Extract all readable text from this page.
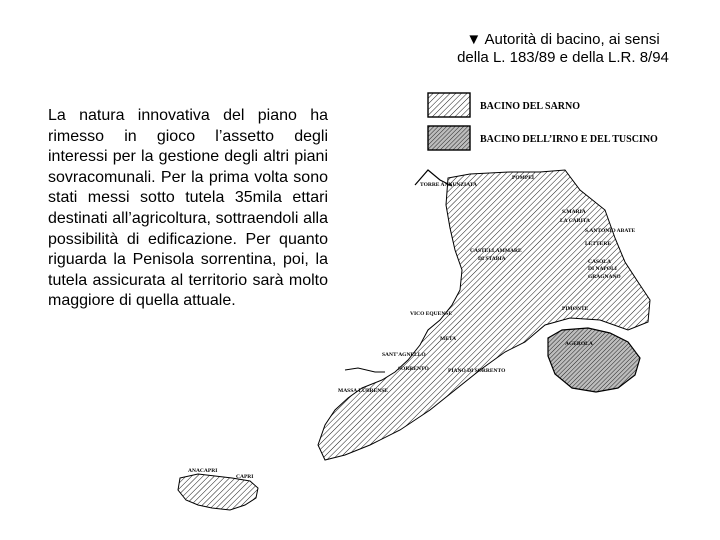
▼ Autorità di bacino, ai sensi
della L. 183/89 e della L.R. 8/94

La natura innovativa del piano ha rimesso in gioco l’assetto degli interessi per la gestione degli altri piani sovracomunali. Per la prima volta sono stati messi sotto tutela 35mila ettari destinati all’agricoltura, sottraendoli alla possibilità di edificazione. Per quanto riguarda la Penisola sorrentina, poi, la tutela assicurata al territorio sarà molto maggiore di quella attuale.

BACINO DEL SARNO
BACINO DELL’IRNO E DEL TUSCINO
TORRE ANNUNZIATA
POMPEI
S.MARIA
LA CARITA
S.ANTONIO ABATE
LETTERE
CASTELLAMMARE
DI STABIA	CASOLA
DI NAPOLI
GRAGNANO
PIMONTE
VICO EQUENSE
AGEROLA
META
SANT'AGNELLO
SORRENTO	PIANO DI SORRENTO
MASSA LUBRENSE
ANACAPRI
CAPRI
